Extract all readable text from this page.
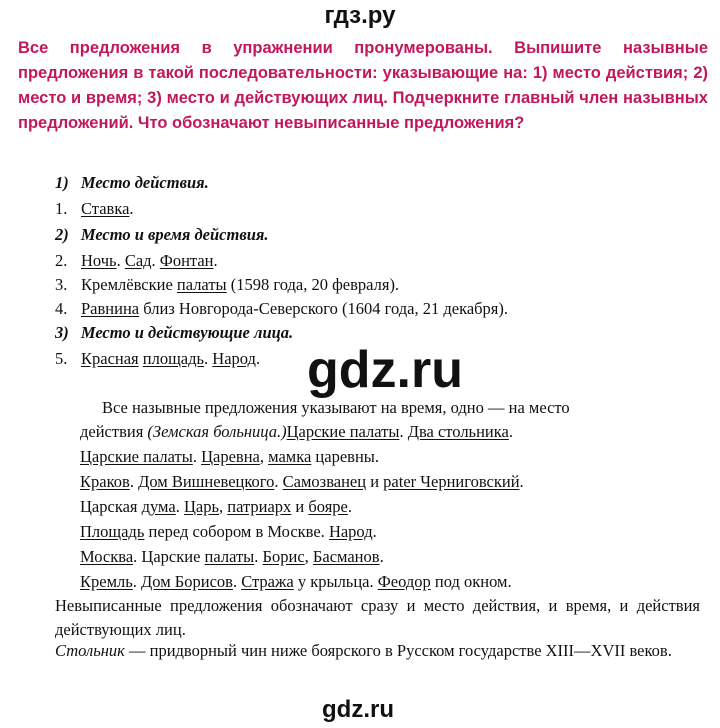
гдз.ру
Все предложения в упражнении пронумерованы. Выпишите назывные предложения в такой последовательности: указывающие на: 1) место действия; 2) место и время; 3) место и действующих лиц. Подчеркните главный член назывных предложений. Что обозначают невыписанные предложения?
1) Место действия.
1. Ставка.
2) Место и время действия.
2. Ночь. Сад. Фонтан.
3. Кремлёвские палаты (1598 года, 20 февраля).
4. Равнина близ Новгорода-Северского (1604 года, 21 декабря).
3) Место и действующие лица.
5. Красная площадь. Народ.
Все назывные предложения указывают на время, одно — на место
действия (Земская больница.)Царские палаты. Два стольника.
Царские палаты. Царевна, мамка царевны.
Краков. Дом Вишневецкого. Самозванец и pater Черниговский.
Царская дума. Царь, патриарх и бояре.
Площадь перед собором в Москве. Народ.
Москва. Царские палаты. Борис, Басманов.
Кремль. Дом Борисов. Стража у крыльца. Феодор под окном.
Невыписанные предложения обозначают сразу и место действия, и время, и действия действующих лиц.
Стольник — придворный чин ниже боярского в Русском государстве XIII—XVII веков.
gdz.ru
gdz.ru
